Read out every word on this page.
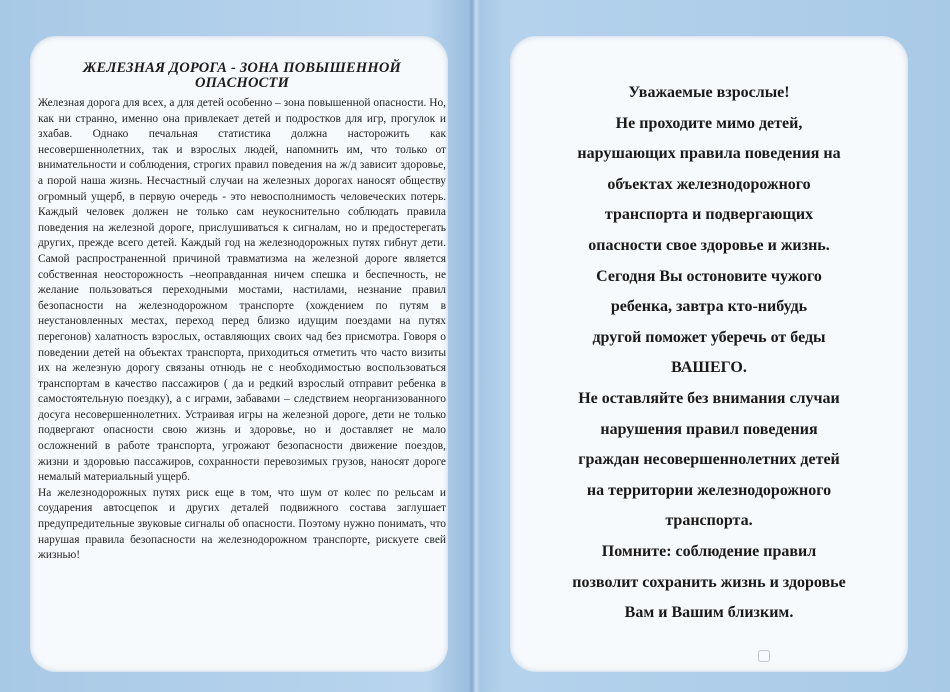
ЖЕЛЕЗНАЯ ДОРОГА - ЗОНА ПОВЫШЕННОЙ ОПАСНОСТИ

Железная дорога для всех, а для детей особенно – зона повышенной опасности. Но, как ни странно, именно она привлекает детей и подростков для игр, прогулок и зхабав. Однако печальная статистика должна насторожить как несовершеннолетних, так и взрослых людей, напомнить им, что только от внимательности и соблюдения, строгих правил поведения на ж/д зависит здоровье, а порой наша жизнь. Несчастный случаи на железных дорогах наносят обществу огромный ущерб, в первую очередь - это невосполнимость человеческих потерь. Каждый человек должен не только сам неукоснительно соблюдать правила поведения на железной дороге, прислушиваться к сигналам, но и предостерегать других, прежде всего детей. Каждый год на железнодорожных путях гибнут дети. Самой распространенной причиной травматизма на железной дороге является собственная неосторожность –неоправданная ничем спешка и беспечность, не желание пользоваться переходными мостами, настилами, незнание правил безопасности на железнодорожном транспорте (хождением по путям в неустановленных местах, переход перед близко идущим поездами на путях перегонов) халатность взрослых, оставляющих своих чад без присмотра. Говоря о поведении детей на объектах транспорта, приходиться отметить что часто визиты их на железную дорогу связаны отнюдь не с необходимостью воспользоваться транспортам в качество пассажиров ( да и редкий взрослый отправит ребенка в самостоятельную поездку), а с играми, забавами – следствием неорганизованного досуга несовершеннолетних. Устраивая игры на железной дороге, дети не только подвергают опасности свою жизнь и здоровье, но и доставляет не мало осложнений в работе транспорта, угрожают безопасности движение поездов, жизни и здоровью пассажиров, сохранности перевозимых грузов, наносят дороге немалый материальный ущерб.

На железнодорожных путях риск еще в том, что шум от колес по рельсам и соударения автосцепок и других деталей подвижного состава заглушает предупредительные звуковые сигналы об опасности. Поэтому нужно понимать, что нарушая правила безопасности на железнодорожном транспорте, рискуете свей жизнью!

Уважаемые взрослые!
Не проходите мимо детей,
нарушающих правила поведения на
объектах железнодорожного
транспорта и подвергающих
опасности свое здоровье и жизнь.
Сегодня Вы остоновите чужого
ребенка, завтра кто-нибудь
другой поможет уберечь от беды
ВАШЕГО.
Не оставляйте без внимания случаи
нарушения правил поведения
граждан несовершеннолетних детей
на территории железнодорожного
транспорта.
Помните: соблюдение правил
позволит сохранить жизнь и здоровье
Вам и Вашим близким.
